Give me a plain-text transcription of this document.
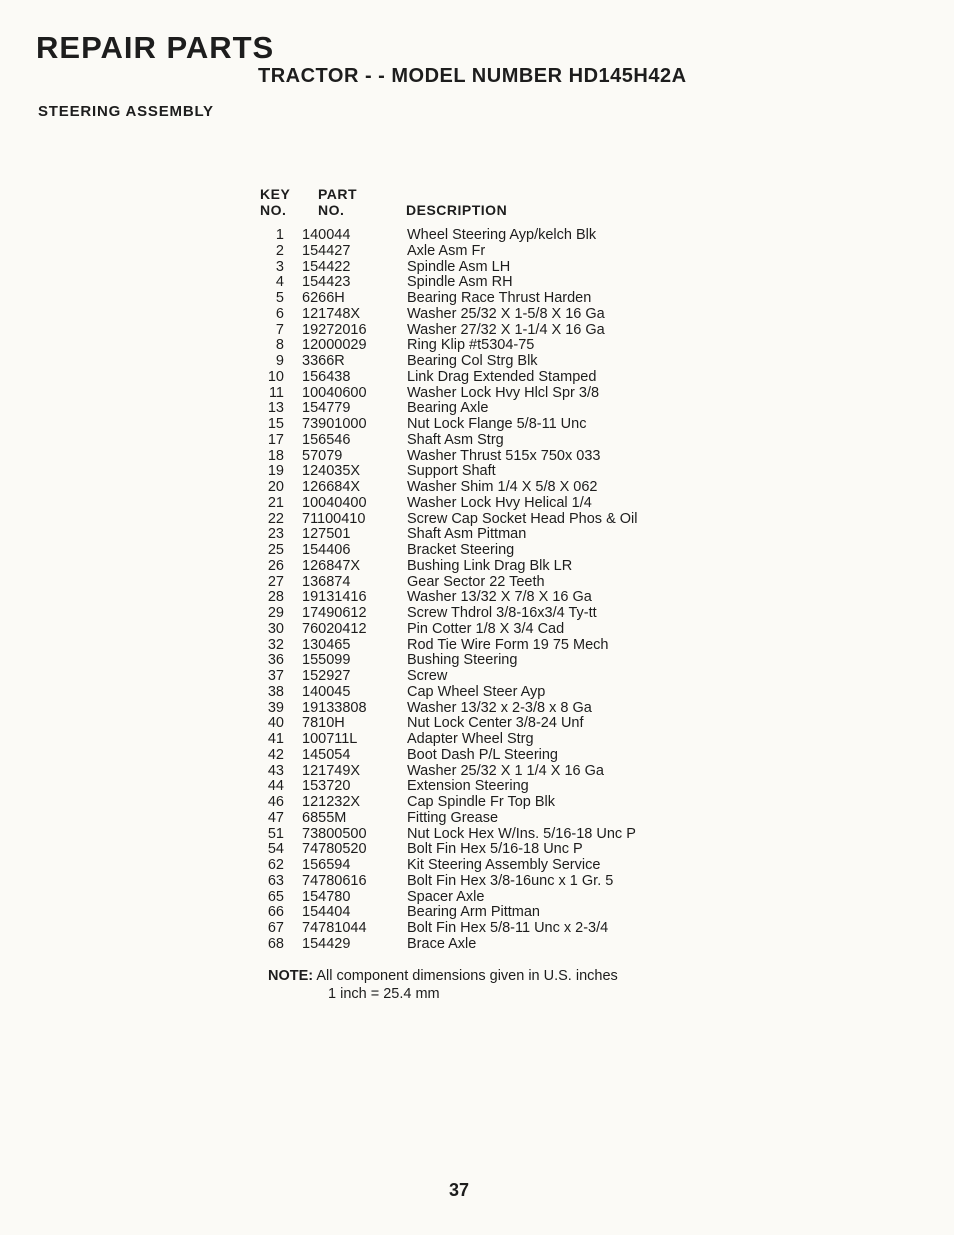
REPAIR PARTS
TRACTOR - - MODEL NUMBER HD145H42A
STEERING ASSEMBLY
KEY
NO.
PART
NO.	DESCRIPTION
1 140044	Wheel Steering Ayp/kelch Blk
2 154427	Axle Asm Fr
3 154422	Spindle Asm LH
4 154423	Spindle Asm RH
5 6266H	Bearing Race Thrust Harden
6 121748X	Washer 25/32 X 1-5/8 X 16 Ga
7 19272016	Washer 27/32 X 1-1/4 X 16 Ga
8 12000029	Ring Klip #t5304-75
9 3366R	Bearing Col Strg Blk
10 156438	Link Drag Extended Stamped
11 10040600	Washer Lock Hvy Hlcl Spr 3/8
13 154779	Bearing Axle
15 73901000	Nut Lock Flange 5/8-11 Unc
17 156546	Shaft Asm Strg
18 57079	Washer Thrust 515x 750x 033
19 124035X	Support Shaft
20 126684X	Washer Shim 1/4 X 5/8 X 062
21 10040400	Washer Lock Hvy Helical 1/4
22 71100410	Screw Cap Socket Head Phos & Oil
23 127501	Shaft Asm Pittman
25 154406	Bracket Steering
26 126847X	Bushing Link Drag Blk LR
27 136874	Gear Sector 22 Teeth
28 19131416	Washer 13/32 X 7/8 X 16 Ga
29 17490612	Screw Thdrol 3/8-16x3/4 Ty-tt
30 76020412	Pin Cotter 1/8 X 3/4 Cad
32 130465	Rod Tie Wire Form 19 75 Mech
36 155099	Bushing Steering
37 152927	Screw
38 140045	Cap Wheel Steer Ayp
39 19133808	Washer 13/32 x 2-3/8 x 8 Ga
40 7810H	Nut Lock Center 3/8-24 Unf
41 100711L	Adapter Wheel Strg
42 145054	Boot Dash P/L Steering
43 121749X	Washer 25/32 X 1 1/4 X 16 Ga
44 153720	Extension Steering
46 121232X	Cap Spindle Fr Top Blk
47 6855M	Fitting Grease
51 73800500	Nut Lock Hex W/Ins. 5/16-18 Unc P
54 74780520	Bolt Fin Hex 5/16-18 Unc P
62 156594	Kit Steering Assembly Service
63 74780616	Bolt Fin Hex 3/8-16unc x 1 Gr. 5
65 154780	Spacer Axle
66 154404	Bearing Arm Pittman
67 74781044	Bolt Fin Hex 5/8-11 Unc x 2-3/4
68 154429	Brace Axle
NOTE: All component dimensions given in U.S. inches
1 inch = 25.4 mm
37
